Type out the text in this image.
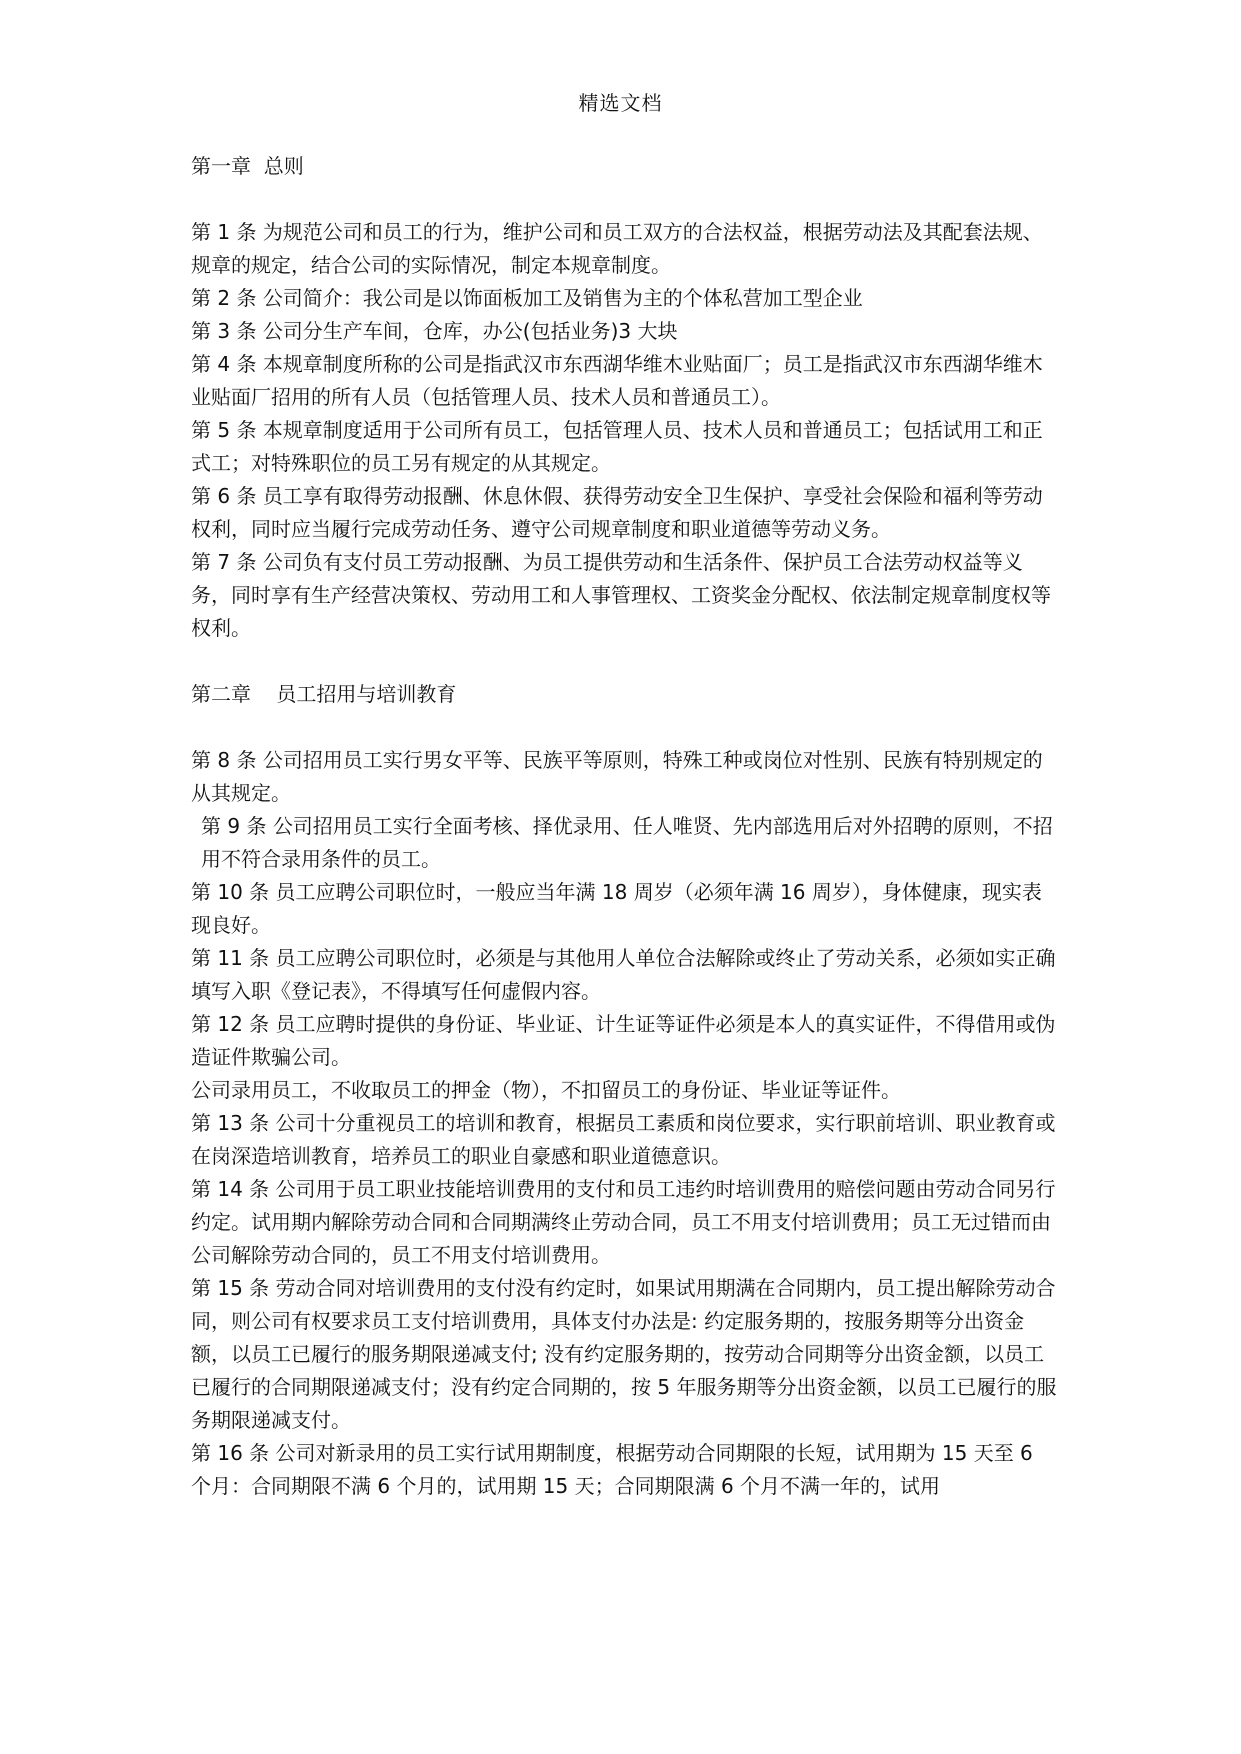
精选文档

第一章  总则

第 1 条 为规范公司和员工的行为，维护公司和员工双方的合法权益，根据劳动法及其配套法规、规章的规定，结合公司的实际情况，制定本规章制度。

第 2 条 公司简介：我公司是以饰面板加工及销售为主的个体私营加工型企业

第 3 条 公司分生产车间，仓库，办公(包括业务)3 大块

第 4 条 本规章制度所称的公司是指武汉市东西湖华维木业贴面厂；员工是指武汉市东西湖华维木业贴面厂招用的所有人员（包括管理人员、技术人员和普通员工）。

第 5 条 本规章制度适用于公司所有员工，包括管理人员、技术人员和普通员工；包括试用工和正式工；对特殊职位的员工另有规定的从其规定。

第 6 条 员工享有取得劳动报酬、休息休假、获得劳动安全卫生保护、享受社会保险和福利等劳动权利，同时应当履行完成劳动任务、遵守公司规章制度和职业道德等劳动义务。

第 7 条 公司负有支付员工劳动报酬、为员工提供劳动和生活条件、保护员工合法劳动权益等义务，同时享有生产经营决策权、劳动用工和人事管理权、工资奖金分配权、依法制定规章制度权等权利。

第二章    员工招用与培训教育

第 8 条 公司招用员工实行男女平等、民族平等原则，特殊工种或岗位对性别、民族有特别规定的从其规定。

第 9 条 公司招用员工实行全面考核、择优录用、任人唯贤、先内部选用后对外招聘的原则，不招用不符合录用条件的员工。

第 10 条 员工应聘公司职位时，一般应当年满 18 周岁（必须年满 16 周岁），身体健康，现实表现良好。

第 11 条 员工应聘公司职位时，必须是与其他用人单位合法解除或终止了劳动关系，必须如实正确填写入职《登记表》，不得填写任何虚假内容。

第 12 条 员工应聘时提供的身份证、毕业证、计生证等证件必须是本人的真实证件，不得借用或伪造证件欺骗公司。

公司录用员工，不收取员工的押金（物），不扣留员工的身份证、毕业证等证件。

第 13 条 公司十分重视员工的培训和教育，根据员工素质和岗位要求，实行职前培训、职业教育或在岗深造培训教育，培养员工的职业自豪感和职业道德意识。

第 14 条 公司用于员工职业技能培训费用的支付和员工违约时培训费用的赔偿问题由劳动合同另行约定。试用期内解除劳动合同和合同期满终止劳动合同，员工不用支付培训费用；员工无过错而由公司解除劳动合同的，员工不用支付培训费用。

第 15 条 劳动合同对培训费用的支付没有约定时，如果试用期满在合同期内，员工提出解除劳动合同，则公司有权要求员工支付培训费用，具体支付办法是: 约定服务期的，按服务期等分出资金额，以员工已履行的服务期限递减支付; 没有约定服务期的，按劳动合同期等分出资金额，以员工已履行的合同期限递减支付；没有约定合同期的，按 5 年服务期等分出资金额，以员工已履行的服务期限递减支付。

第 16 条 公司对新录用的员工实行试用期制度，根据劳动合同期限的长短，试用期为 15 天至 6 个月：合同期限不满 6 个月的，试用期 15 天；合同期限满 6 个月不满一年的，试用
